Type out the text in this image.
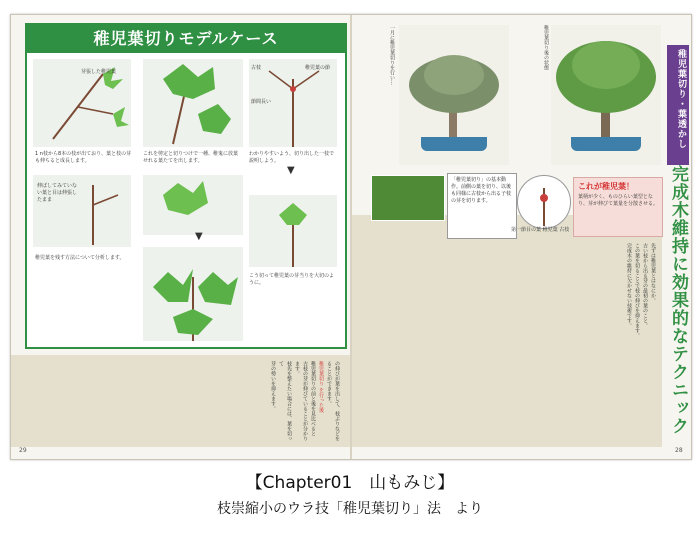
稚児葉切りモデルケース
芽張した稚児葉
古枝
節間長い
稚児葉の節
1 n枝から8本の枝が出ており、葉と枝の芽も伸ちると成長します。
これを剪定と切りつけで一種、稚鬼に放葉せれる葉たてを出します。
わかりやすいよう、切り出した一枝で説明しよう。
伸ばしてみていない葉と目は伸張したまま
▼
▼
こう切って稚児葉の芽当りを大切のように。
稚児葉を残す方法について分析します。
の伸びが葉を出して、枝ぶりなどを
ることができます。
稚児葉切り を行った後
稚児葉切りの前と後を見比べると
古枝の芽が伸びていることが分かります。
枝先を整えたい場合には、葉を切って
芽の勢いを抑えます。
29
一月に稚児葉切りを行い…	稚児葉切り後の状態
「稚児葉切り」の基本動作。前側の葉を切り、以後も同様に古枝から出る子枝の芽を切ります。
第一節目の葉 稚児葉 古枝
これが稚児葉！
葉柄が少く、ものひらい葉型となり、芽が伸びて葉量を分散させる。
先ずは稚児葉とはなにか。
古い枝から出る芽の最初の葉のこと。
この葉を切ることで枝の伸びを抑えます。
完成木の維持に欠かせない技術です。
稚児葉切り・葉透かし
完成木維持に効果的なテクニック
28
【Chapter01　山もみじ】
枝崇縮小のウラ技「稚児葉切り」法　より
